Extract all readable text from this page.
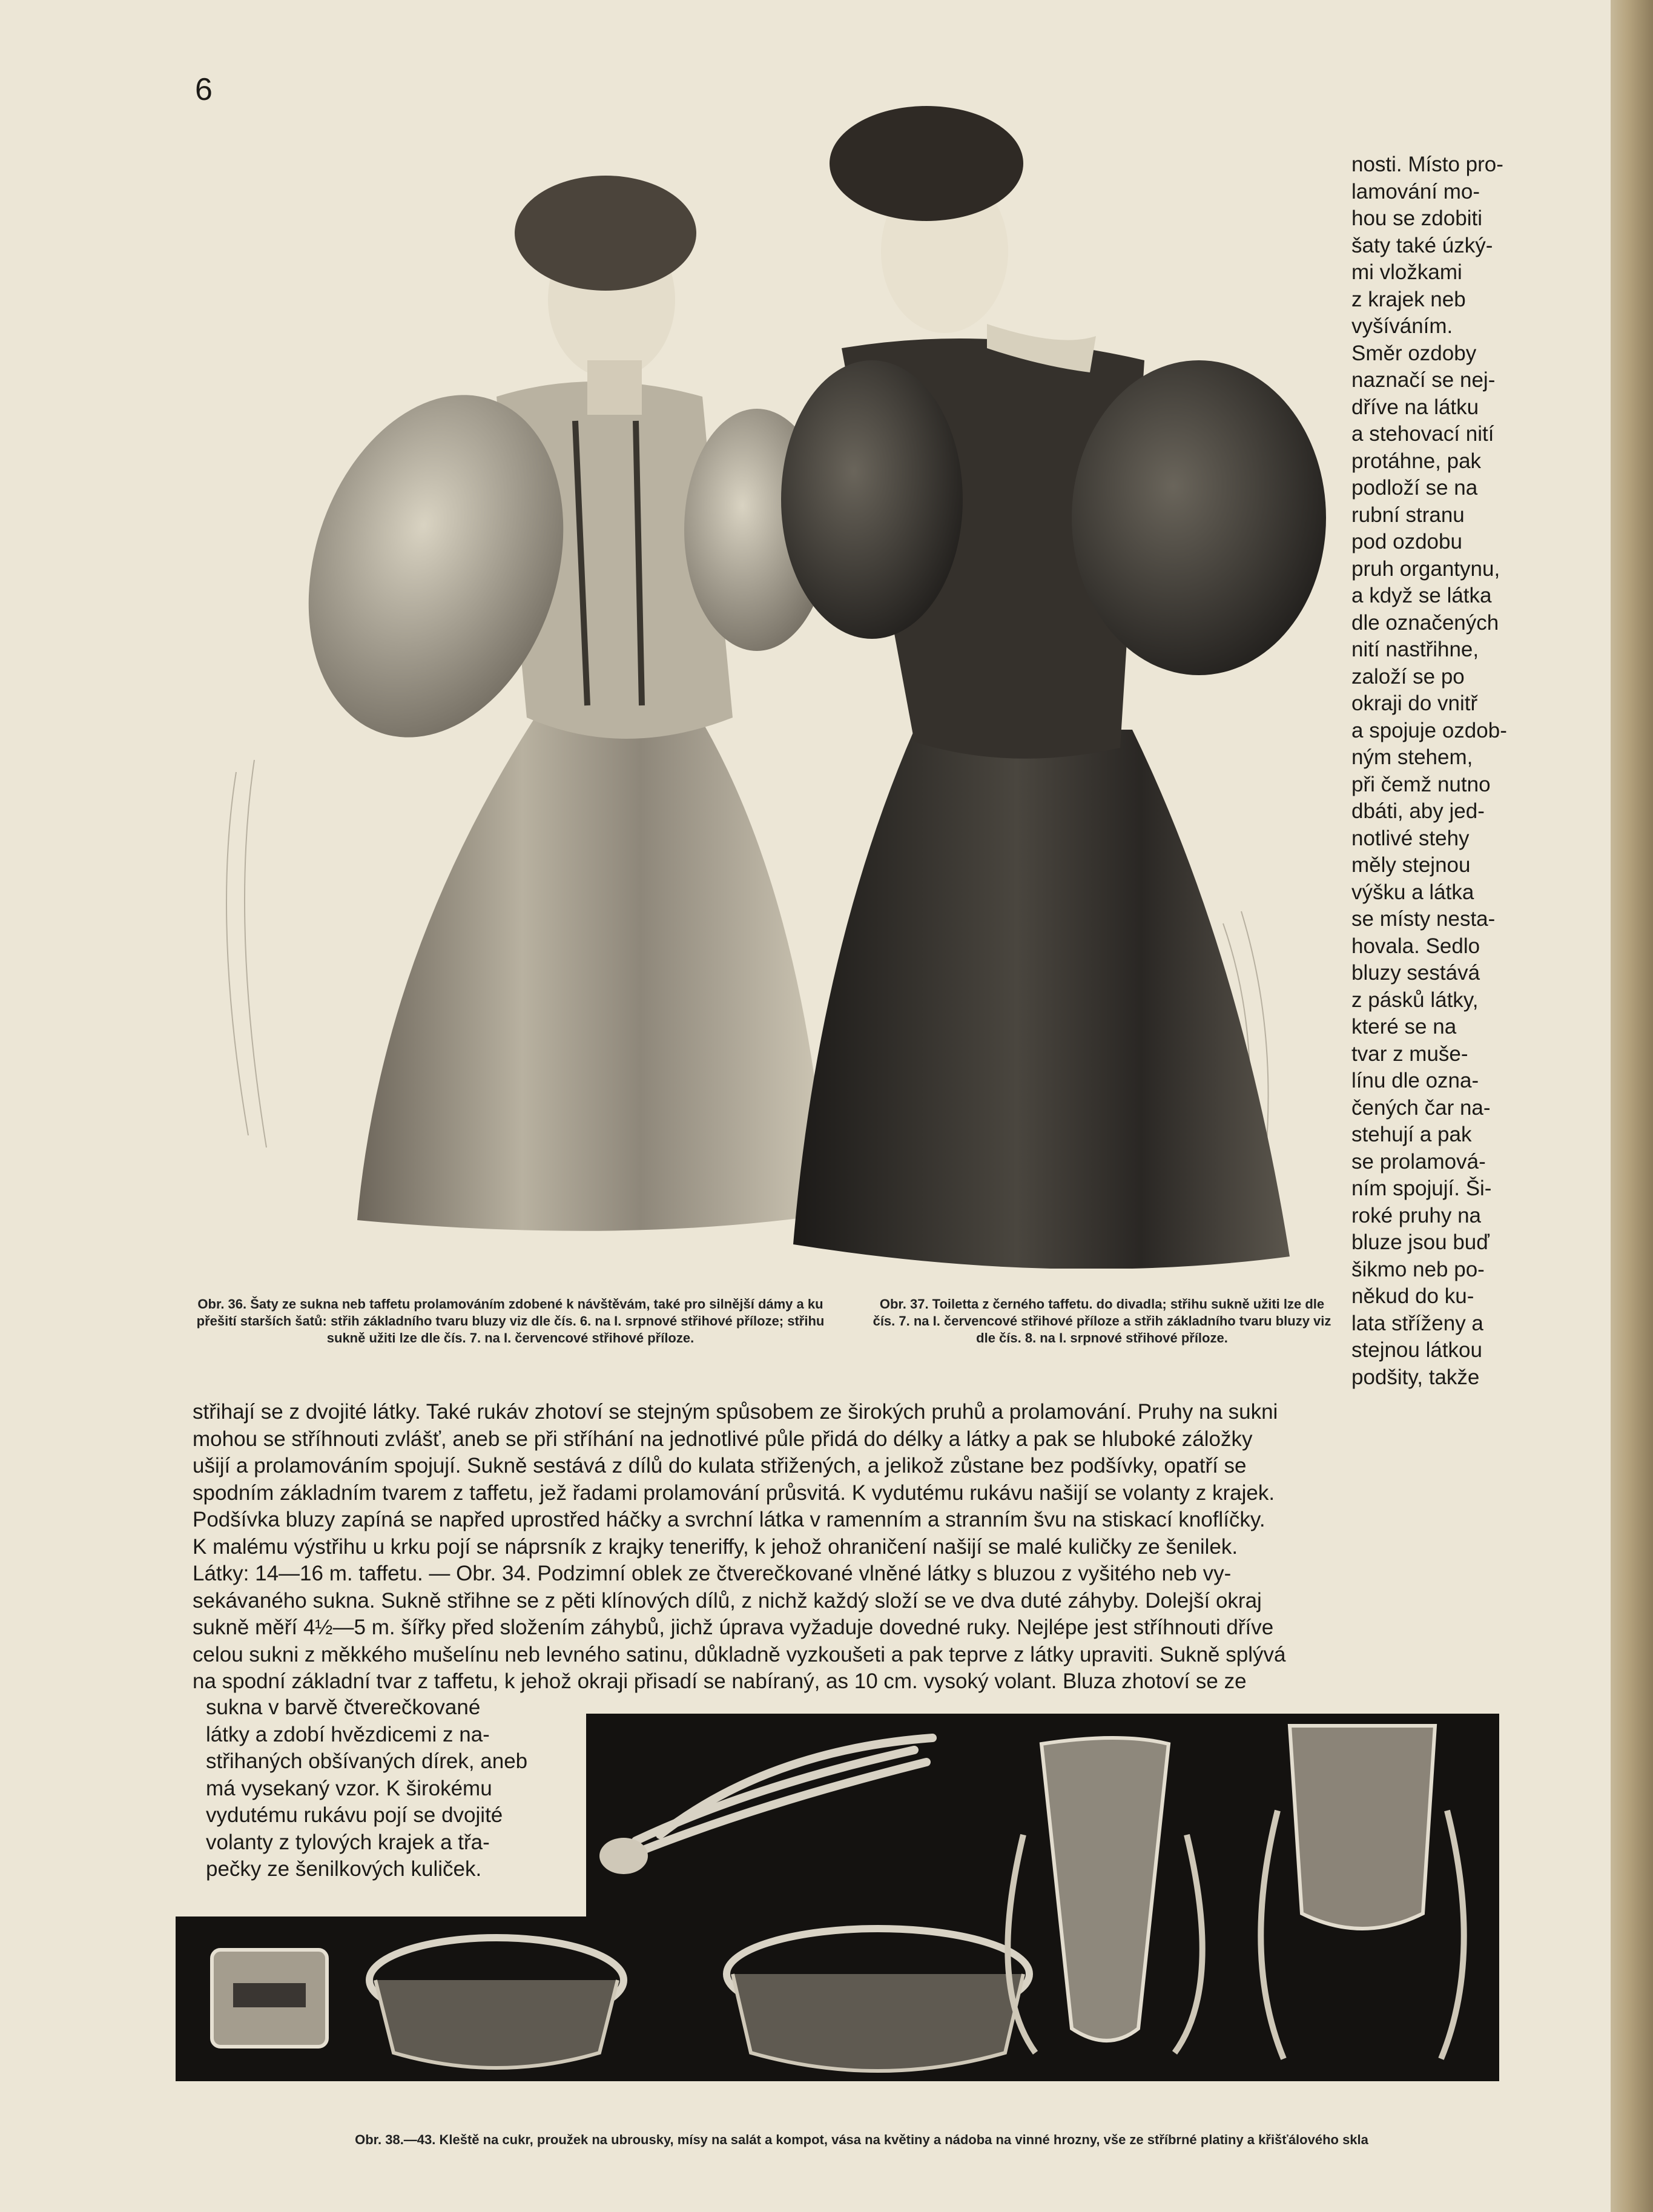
6
Obr. 36. Šaty ze sukna neb taffetu prolamováním zdobené k návštěvám, také pro silnější dámy a ku přešití starších šatů: střih základního tvaru bluzy viz dle čís. 6. na I. srpnové střihové příloze; střihu sukně užiti lze dle čís. 7. na I. červencové střihové příloze.
Obr. 37. Toiletta z černého taffetu. do divadla; střihu sukně užiti lze dle čís. 7. na I. červencové střihové příloze a střih základního tvaru bluzy viz dle čís. 8. na I. srpnové střihové příloze.
nosti. Místo pro-
lamování mo-
hou se zdobiti
šaty také úzký-
mi vložkami
z krajek neb
vyšíváním.
Směr ozdoby
naznačí se nej-
dříve na látku
a stehovací nití
protáhne, pak
podloží se na
rubní stranu
pod ozdobu
pruh organtynu,
a když se látka
dle označených
nití nastřihne,
založí se po
okraji do vnitř
a spojuje ozdob-
ným stehem,
při čemž nutno
dbáti, aby jed-
notlivé stehy
měly stejnou
výšku a látka
se místy nesta-
hovala. Sedlo
bluzy sestává
z pásků látky,
které se na
tvar z muše-
línu dle ozna-
čených čar na-
stehují a pak
se prolamová-
ním spojují. Ši-
roké pruhy na
bluze jsou buď
šikmo neb po-
někud do ku-
lata stříženy a
stejnou látkou
podšity, takže
střihají se z dvojité látky. Také rukáv zhotoví se stejným spůsobem ze širokých pruhů a prolamování. Pruhy na sukni
mohou se stříhnouti zvlášť, aneb se při stříhání na jednotlivé půle přidá do délky a látky a pak se hluboké záložky
ušijí a prolamováním spojují. Sukně sestává z dílů do kulata střižených, a jelikož zůstane bez podšívky, opatří se
spodním základním tvarem z taffetu, jež řadami prolamování průsvitá. K vydutému rukávu našijí se volanty z krajek.
Podšívka bluzy zapíná se napřed uprostřed háčky a svrchní látka v ramenním a stranním švu na stiskací knoflíčky.
K malému výstřihu u krku pojí se náprsník z krajky teneriffy, k jehož ohraničení našijí se malé kuličky ze šenilek.
Látky: 14—16 m. taffetu. — Obr. 34. Podzimní oblek ze čtverečkované vlněné látky s bluzou z vyšitého neb vy-
sekávaného sukna. Sukně střihne se z pěti klínových dílů, z nichž každý složí se ve dva duté záhyby. Dolejší okraj
sukně měří 4½—5 m. šířky před složením záhybů, jichž úprava vyžaduje dovedné ruky. Nejlépe jest stříhnouti dříve
celou sukni z měkkého mušelínu neb levného satinu, důkladně vyzkoušeti a pak teprve z látky upraviti. Sukně splývá
na spodní základní tvar z taffetu, k jehož okraji přisadí se nabíraný, as 10 cm. vysoký volant. Bluza zhotoví se ze
sukna v barvě čtverečkované
látky a zdobí hvězdicemi z na-
střihaných obšívaných dírek, aneb
má vysekaný vzor. K širokému
vydutému rukávu pojí se dvojité
volanty z tylových krajek a třa-
pečky ze šenilkových kuliček.
Obr. 38.—43. Kleště na cukr, proužek na ubrousky, mísy na salát a kompot, vása na květiny a nádoba na vinné hrozny, vše ze stříbrné platiny a křišťálového skla
